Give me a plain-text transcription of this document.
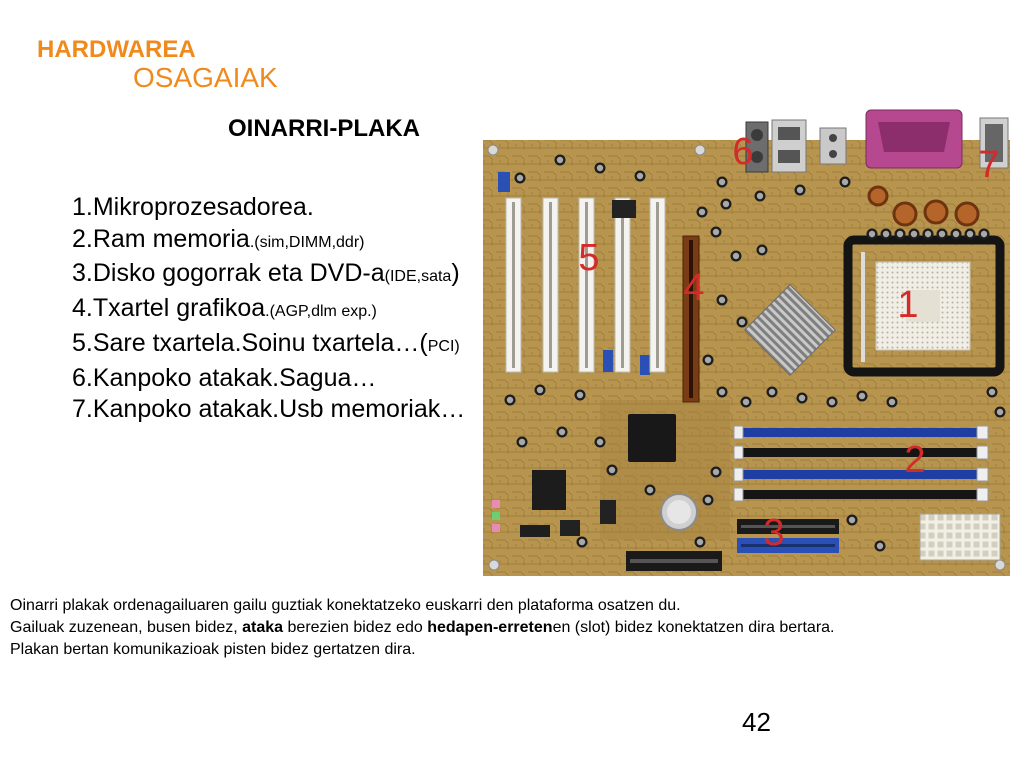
HARDWAREA
OSAGAIAK
OINARRI-PLAKA
1.Mikroprozesadorea.
2.Ram memoria.(sim,DIMM,ddr)
3.Disko gogorrak eta DVD-a(IDE,sata)
4.Txartel grafikoa.(AGP,dlm exp.)
5.Sare txartela.Soinu txartela…(PCI)
6.Kanpoko atakak.Sagua…
7.Kanpoko atakak.Usb memoriak…
1
2
3
4
5
6	7
Oinarri plakak ordenagailuaren gailu guztiak konektatzeko euskarri den plataforma osatzen du.
Gailuak zuzenean, busen bidez, ataka berezien bidez edo hedapen-erretenen (slot) bidez konektatzen dira bertara.
Plakan bertan komunikazioak pisten bidez gertatzen dira.
42
